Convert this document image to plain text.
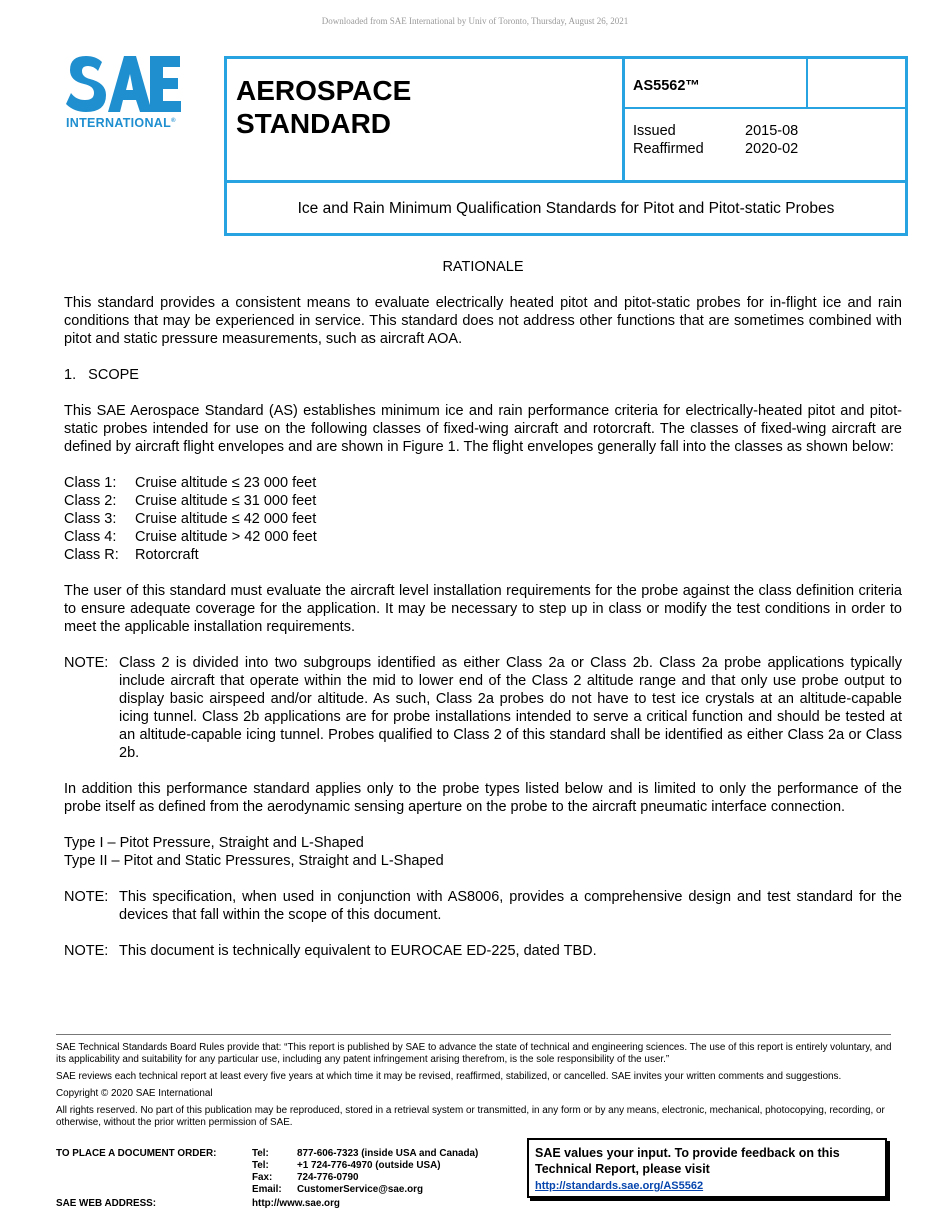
Downloaded from SAE International by Univ of Toronto, Thursday, August 26, 2021
INTERNATIONAL®
AEROSPACE
STANDARD
AS5562™
Issued	2015-08
Reaffirmed	2020-02
Ice and Rain Minimum Qualification Standards for Pitot and Pitot-static Probes
RATIONALE

This standard provides a consistent means to evaluate electrically heated pitot and pitot-static probes for in-flight ice and rain conditions that may be experienced in service. This standard does not address other functions that are sometimes combined with pitot and static pressure measurements, such as aircraft AOA.

1.   SCOPE

This SAE Aerospace Standard (AS) establishes minimum ice and rain performance criteria for electrically-heated pitot and pitot-static probes intended for use on the following classes of fixed-wing aircraft and rotorcraft. The classes of fixed-wing aircraft are defined by aircraft flight envelopes and are shown in Figure 1. The flight envelopes generally fall into the classes as shown below:

Class 1: Cruise altitude ≤ 23 000 feet
Class 2: Cruise altitude ≤ 31 000 feet
Class 3: Cruise altitude ≤ 42 000 feet
Class 4: Cruise altitude > 42 000 feet
Class R: Rotorcraft

The user of this standard must evaluate the aircraft level installation requirements for the probe against the class definition criteria to ensure adequate coverage for the application. It may be necessary to step up in class or modify the test conditions in order to meet the applicable installation requirements.

NOTE: Class 2 is divided into two subgroups identified as either Class 2a or Class 2b. Class 2a probe applications typically include aircraft that operate within the mid to lower end of the Class 2 altitude range and that only use probe output to display basic airspeed and/or altitude. As such, Class 2a probes do not have to test ice crystals at an altitude-capable icing tunnel. Class 2b applications are for probe installations intended to serve a critical function and should be tested at an altitude-capable icing tunnel. Probes qualified to Class 2 of this standard shall be identified as either Class 2a or Class 2b.

In addition this performance standard applies only to the probe types listed below and is limited to only the performance of the probe itself as defined from the aerodynamic sensing aperture on the probe to the aircraft pneumatic interface connection.

Type I – Pitot Pressure, Straight and L-Shaped
Type II – Pitot and Static Pressures, Straight and L-Shaped
NOTE: This specification, when used in conjunction with AS8006, provides a comprehensive design and test standard for the devices that fall within the scope of this document.
NOTE: This document is technically equivalent to EUROCAE ED-225, dated TBD.

SAE Technical Standards Board Rules provide that: “This report is published by SAE to advance the state of technical and engineering sciences. The use of this report is entirely voluntary, and its applicability and suitability for any particular use, including any patent infringement arising therefrom, is the sole responsibility of the user.”

SAE reviews each technical report at least every five years at which time it may be revised, reaffirmed, stabilized, or cancelled. SAE invites your written comments and suggestions.

Copyright © 2020 SAE International

All rights reserved. No part of this publication may be reproduced, stored in a retrieval system or transmitted, in any form or by any means, electronic, mechanical, photocopying, recording, or otherwise, without the prior written permission of SAE.

TO PLACE A DOCUMENT ORDER:	Tel:	877-606-7323 (inside USA and Canada)
Tel:	+1 724-776-4970 (outside USA)
Fax: 724-776-0790
Email: CustomerService@sae.org
SAE WEB ADDRESS:	http://www.sae.org
SAE values your input. To provide feedback on this
Technical Report, please visit
http://standards.sae.org/AS5562
